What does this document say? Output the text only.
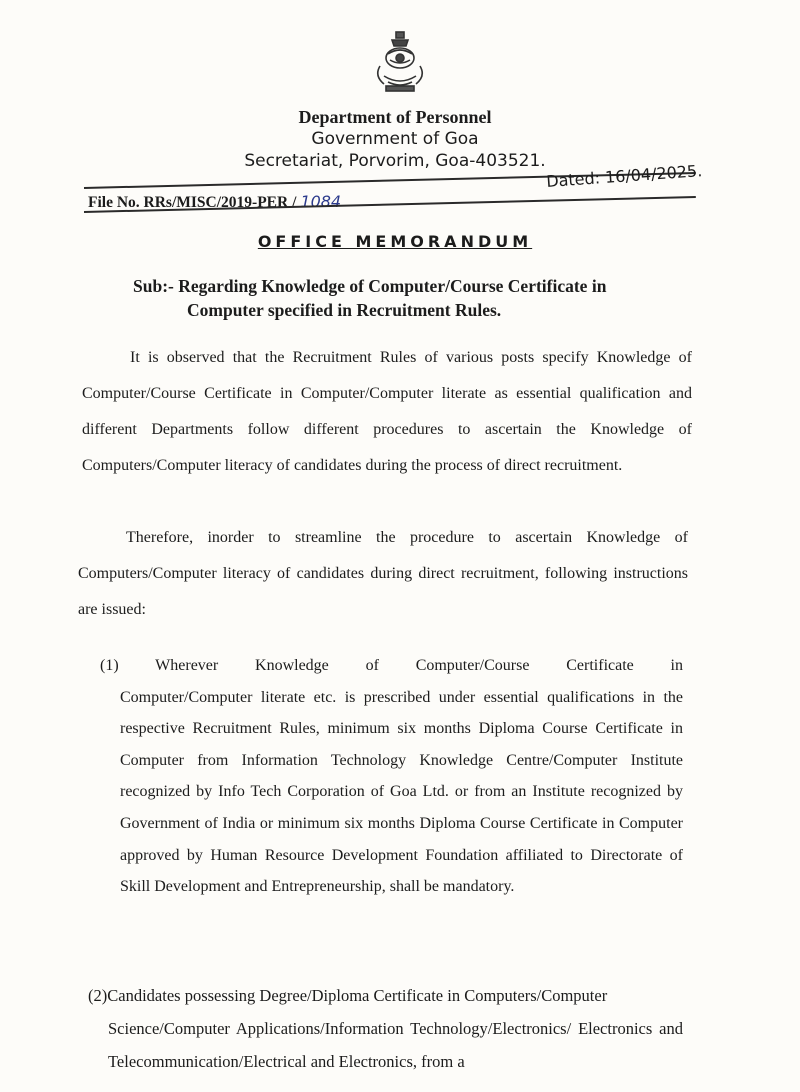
Department of Personnel
Government of Goa
Secretariat, Porvorim, Goa-403521.
File No. RRs/MISC/2019-PER / 1084
Dated: 16/04/2025.
OFFICE MEMORANDUM
Sub:- Regarding Knowledge of Computer/Course Certificate in
Computer specified in Recruitment Rules.
It is observed that the Recruitment Rules of various posts specify Knowledge of Computer/Course Certificate in Computer/Computer literate as essential qualification and different Departments follow different procedures to ascertain the Knowledge of Computers/Computer literacy of candidates during the process of direct recruitment.
Therefore, inorder to streamline the procedure to ascertain Knowledge of Computers/Computer literacy of candidates during direct recruitment, following instructions are issued:
(1) Wherever Knowledge of Computer/Course Certificate in
Computer/Computer literate etc. is prescribed under essential qualifications in the respective Recruitment Rules, minimum six months Diploma Course Certificate in Computer from Information Technology Knowledge Centre/Computer Institute recognized by Info Tech Corporation of Goa Ltd. or from an Institute recognized by Government of India or minimum six months Diploma Course Certificate in Computer approved by Human Resource Development Foundation affiliated to Directorate of Skill Development and Entrepreneurship, shall be mandatory.
(2)Candidates possessing Degree/Diploma Certificate in Computers/Computer
Science/Computer Applications/Information Technology/Electronics/ Electronics and Telecommunication/Electrical and Electronics, from a
